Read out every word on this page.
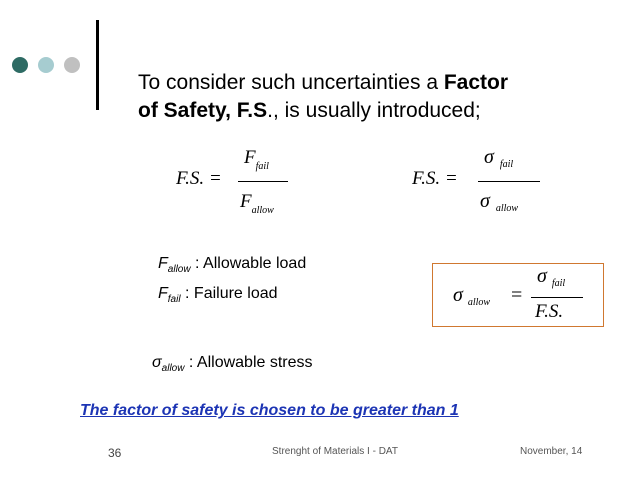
To consider such uncertainties a Factor
of Safety, F.S., is usually introduced;
F.S. =
$F_{fail}$
$F_{allow}$
F.S. =
σ $_{fail}$
σ $_{allow}$
$F_{allow}$ : Allowable load
$F_{fail}$ : Failure load	σ $_{allow}$ =
σ $_{fail}$
F.S.
$\sigma_{allow}$ : Allowable stress
The factor of safety is chosen to be greater than 1
36	Strenght of Materials I - DAT	November, 14
